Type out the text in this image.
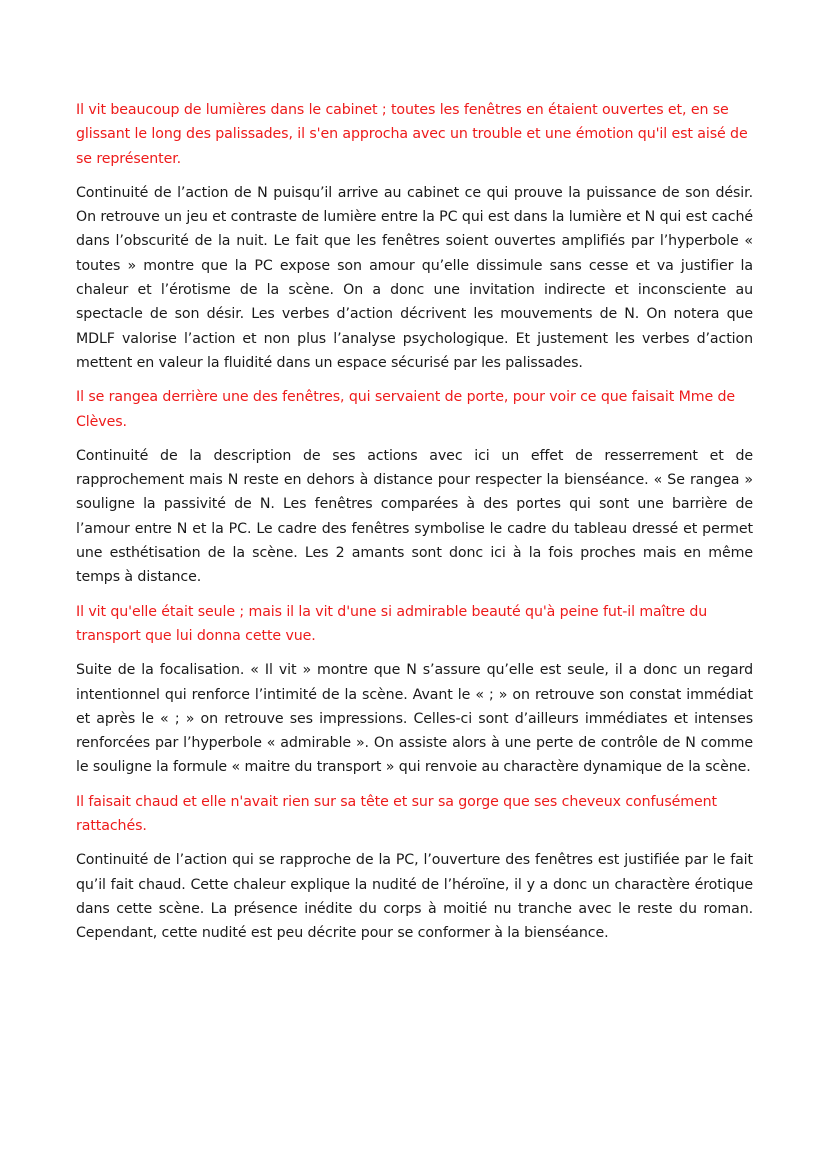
Il vit beaucoup de lumières dans le cabinet ; toutes les fenêtres en étaient ouvertes et, en se glissant le long des palissades, il s'en approcha avec un trouble et une émotion qu'il est aisé de se représenter.

Continuité de l’action de N puisqu’il arrive au cabinet ce qui prouve la puissance de son désir. On retrouve un jeu et contraste de lumière entre la PC qui est dans la lumière et N qui est caché dans l’obscurité de la nuit. Le fait que les fenêtres soient ouvertes amplifiés par l’hyperbole « toutes » montre que la PC expose son amour qu’elle dissimule sans cesse et va justifier la chaleur et l’érotisme de la scène. On a donc une invitation indirecte et inconsciente au spectacle de son désir. Les verbes d’action décrivent les mouvements de N. On notera que MDLF valorise l’action et non plus l’analyse psychologique. Et justement les verbes d’action mettent en valeur la fluidité dans un espace sécurisé par les palissades.

Il se rangea derrière une des fenêtres, qui servaient de porte, pour voir ce que faisait Mme de Clèves.

Continuité de la description de ses actions avec ici un effet de resserrement et de rapprochement mais N reste en dehors à distance pour respecter la bienséance. « Se rangea » souligne la passivité de N. Les fenêtres comparées à des portes qui sont une barrière de l’amour entre N et la PC. Le cadre des fenêtres symbolise le cadre du tableau dressé et permet une esthétisation de la scène. Les 2 amants sont donc ici à la fois proches mais en même temps à distance.

Il vit qu'elle était seule ; mais il la vit d'une si admirable beauté qu'à peine fut-il maître du transport que lui donna cette vue.

Suite de la focalisation. « Il vit » montre que N s’assure qu’elle est seule, il a donc un regard intentionnel qui renforce l’intimité de la scène. Avant le « ; » on retrouve son constat immédiat et après le « ; » on retrouve ses impressions. Celles-ci sont d’ailleurs immédiates et intenses renforcées par l’hyperbole « admirable ». On assiste alors à une perte de contrôle de N comme le souligne la formule « maitre du transport » qui renvoie au charactère dynamique de la scène.

Il faisait chaud et elle n'avait rien sur sa tête et sur sa gorge que ses cheveux confusément rattachés.

Continuité de l’action qui se rapproche de la PC, l’ouverture des fenêtres est justifiée par le fait qu’il fait chaud. Cette chaleur explique la nudité de l’héroïne, il y a donc un charactère érotique dans cette scène. La présence inédite du corps à moitié nu tranche avec le reste du roman. Cependant, cette nudité est peu décrite pour se conformer à la bienséance.
